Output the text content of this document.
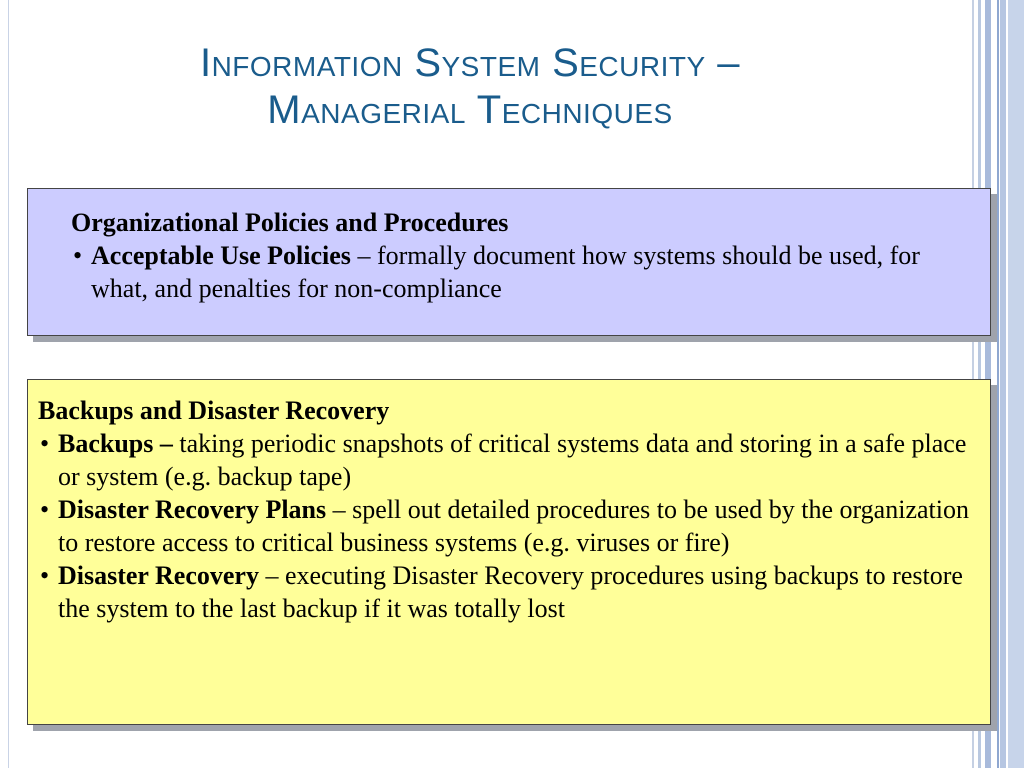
Information System Security –
Managerial Techniques
Organizational Policies and Procedures
• Acceptable Use Policies – formally document how systems should be used, for what, and penalties for non-compliance
Backups and Disaster Recovery
• Backups – taking periodic snapshots of critical systems data and storing in a safe place or system (e.g. backup tape)
• Disaster Recovery Plans – spell out detailed procedures to be used by the organization to restore access to critical business systems (e.g. viruses or fire)
• Disaster Recovery – executing Disaster Recovery procedures using backups to restore the system to the last backup if it was totally lost
